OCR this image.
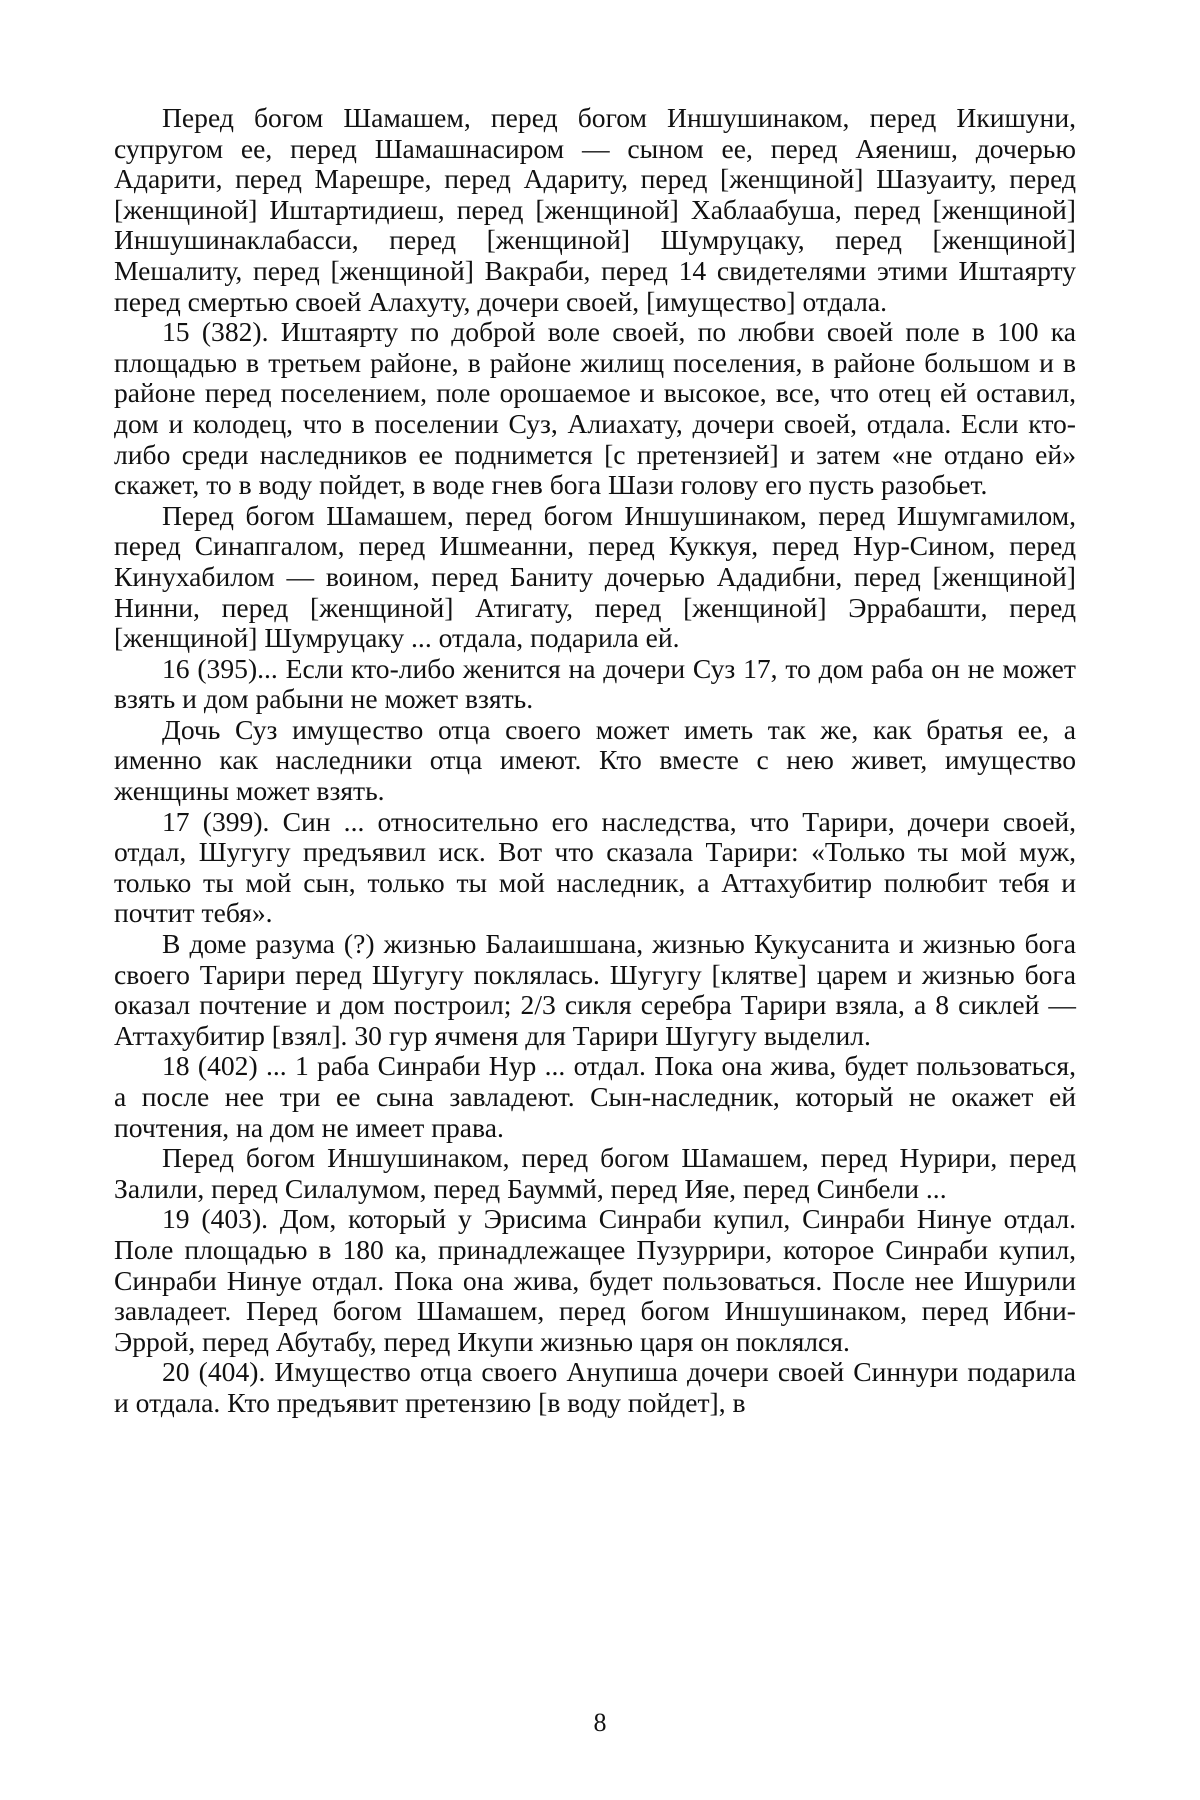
Перед богом Шамашем, перед богом Иншушинаком, перед Икишуни, супругом ее, перед Шамашнасиром — сыном ее, перед Аяениш, дочерью Адарити, перед Марешре, перед Адариту, перед [женщиной] Шазуаиту, перед [женщиной] Иштартидиеш, перед [женщиной] Хаблаабуша, перед [женщиной] Иншушинаклабасси, перед [женщиной] Шумруцаку, перед [женщиной] Мешалиту, перед [женщиной] Вакраби, перед 14 свидетелями этими Иштаярту перед смертью своей Алахуту, дочери своей, [имущество] отдала.

15 (382). Иштаярту по доброй воле своей, по любви своей поле в 100 ка площадью в третьем районе, в районе жилищ поселения, в районе большом и в районе перед поселением, поле орошаемое и высокое, все, что отец ей оставил, дом и колодец, что в поселении Суз, Алиахату, дочери своей, отдала. Если кто-либо среди наследников ее поднимется [с претензией] и затем «не отдано ей» скажет, то в воду пойдет, в воде гнев бога Шази голову его пусть разобьет.

Перед богом Шамашем, перед богом Иншушинаком, перед Ишумгамилом, перед Синапгалом, перед Ишмеанни, перед Куккуя, перед Нур-Сином, перед Кинухабилом — воином, перед Баниту дочерью Ададибни, перед [женщиной] Нинни, перед [женщиной] Атигату, перед [женщиной] Эррабашти, перед [женщиной] Шумруцаку ... отдала, подарила ей.

16 (395)... Если кто-либо женится на дочери Суз 17, то дом раба он не может взять и дом рабыни не может взять.

Дочь Суз имущество отца своего может иметь так же, как братья ее, а именно как наследники отца имеют. Кто вместе с нею живет, имущество женщины может взять.

17 (399). Син ... относительно его наследства, что Тарири, дочери своей, отдал, Шугугу предъявил иск. Вот что сказала Тарири: «Только ты мой муж, только ты мой сын, только ты мой наследник, а Аттахубитир полюбит тебя и почтит тебя».

В доме разума (?) жизнью Балаишшана, жизнью Кукусанита и жизнью бога своего Тарири перед Шугугу поклялась. Шугугу [клятве] царем и жизнью бога оказал почтение и дом построил; 2/3 сикля серебра Тарири взяла, а 8 сиклей — Аттахубитир [взял]. 30 гур ячменя для Тарири Шугугу выделил.

18 (402) ... 1 раба Синраби Нур ... отдал. Пока она жива, будет пользоваться, а после нее три ее сына завладеют. Сын-наследник, который не окажет ей почтения, на дом не имеет права.

Перед богом Иншушинаком, перед богом Шамашем, перед Нурири, перед Залили, перед Силалумом, перед Бауммй, перед Ияе, перед Синбели ...

19 (403). Дом, который у Эрисима Синраби купил, Синраби Нинуе отдал. Поле площадью в 180 ка, принадлежащее Пузуррири, которое Синраби купил, Синраби Нинуе отдал. Пока она жива, будет пользоваться. После нее Ишурили завладеет. Перед богом Шамашем, перед богом Иншушинаком, перед Ибни-Эррой, перед Абутабу, перед Икупи жизнью царя он поклялся.

20 (404). Имущество отца своего Анупиша дочери своей Синнури подарила и отдала. Кто предъявит претензию [в воду пойдет], в

8
